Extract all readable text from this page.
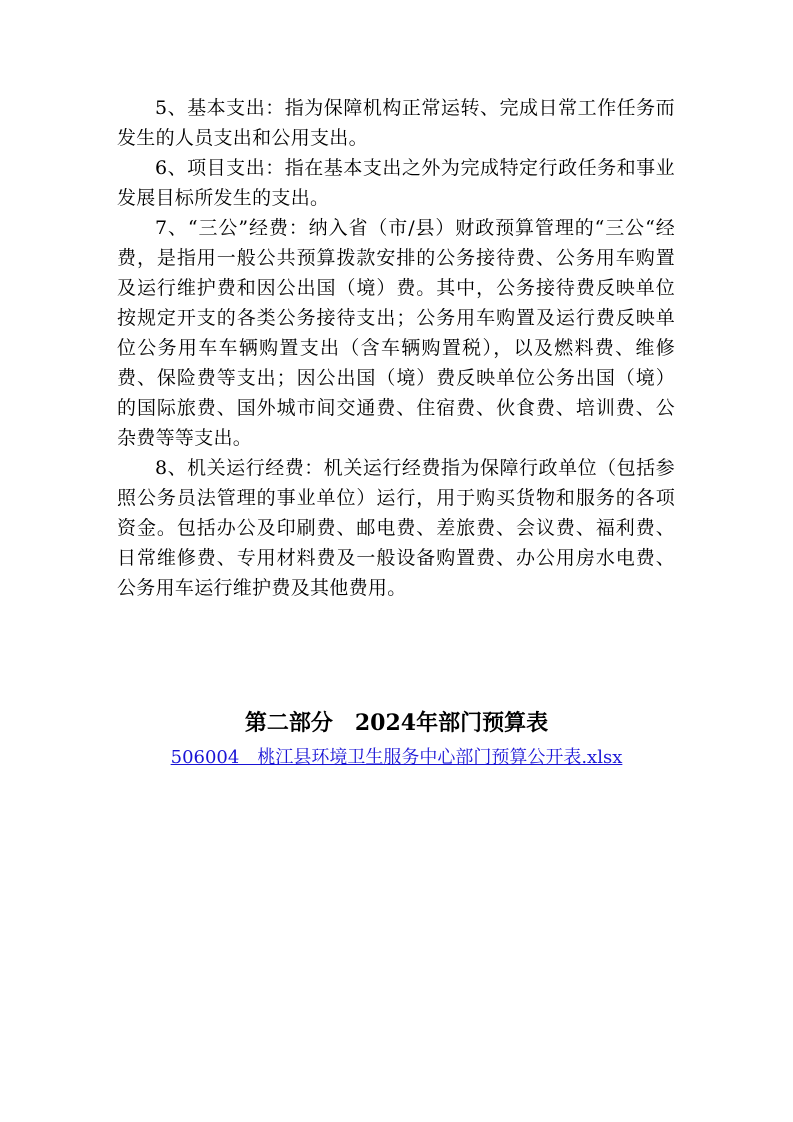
5、基本支出：指为保障机构正常运转、完成日常工作任务而发生的人员支出和公用支出。

6、项目支出：指在基本支出之外为完成特定行政任务和事业发展目标所发生的支出。

7、“三公”经费：纳入省（市/县）财政预算管理的“三公“经费，是指用一般公共预算拨款安排的公务接待费、公务用车购置及运行维护费和因公出国（境）费。其中，公务接待费反映单位按规定开支的各类公务接待支出；公务用车购置及运行费反映单位公务用车车辆购置支出（含车辆购置税），以及燃料费、维修费、保险费等支出；因公出国（境）费反映单位公务出国（境）的国际旅费、国外城市间交通费、住宿费、伙食费、培训费、公杂费等等支出。

8、机关运行经费：机关运行经费指为保障行政单位（包括参照公务员法管理的事业单位）运行，用于购买货物和服务的各项资金。包括办公及印刷费、邮电费、差旅费、会议费、福利费、日常维修费、专用材料费及一般设备购置费、办公用房水电费、公务用车运行维护费及其他费用。

第二部分　2024年部门预算表
506004　桃江县环境卫生服务中心部门预算公开表.xlsx
